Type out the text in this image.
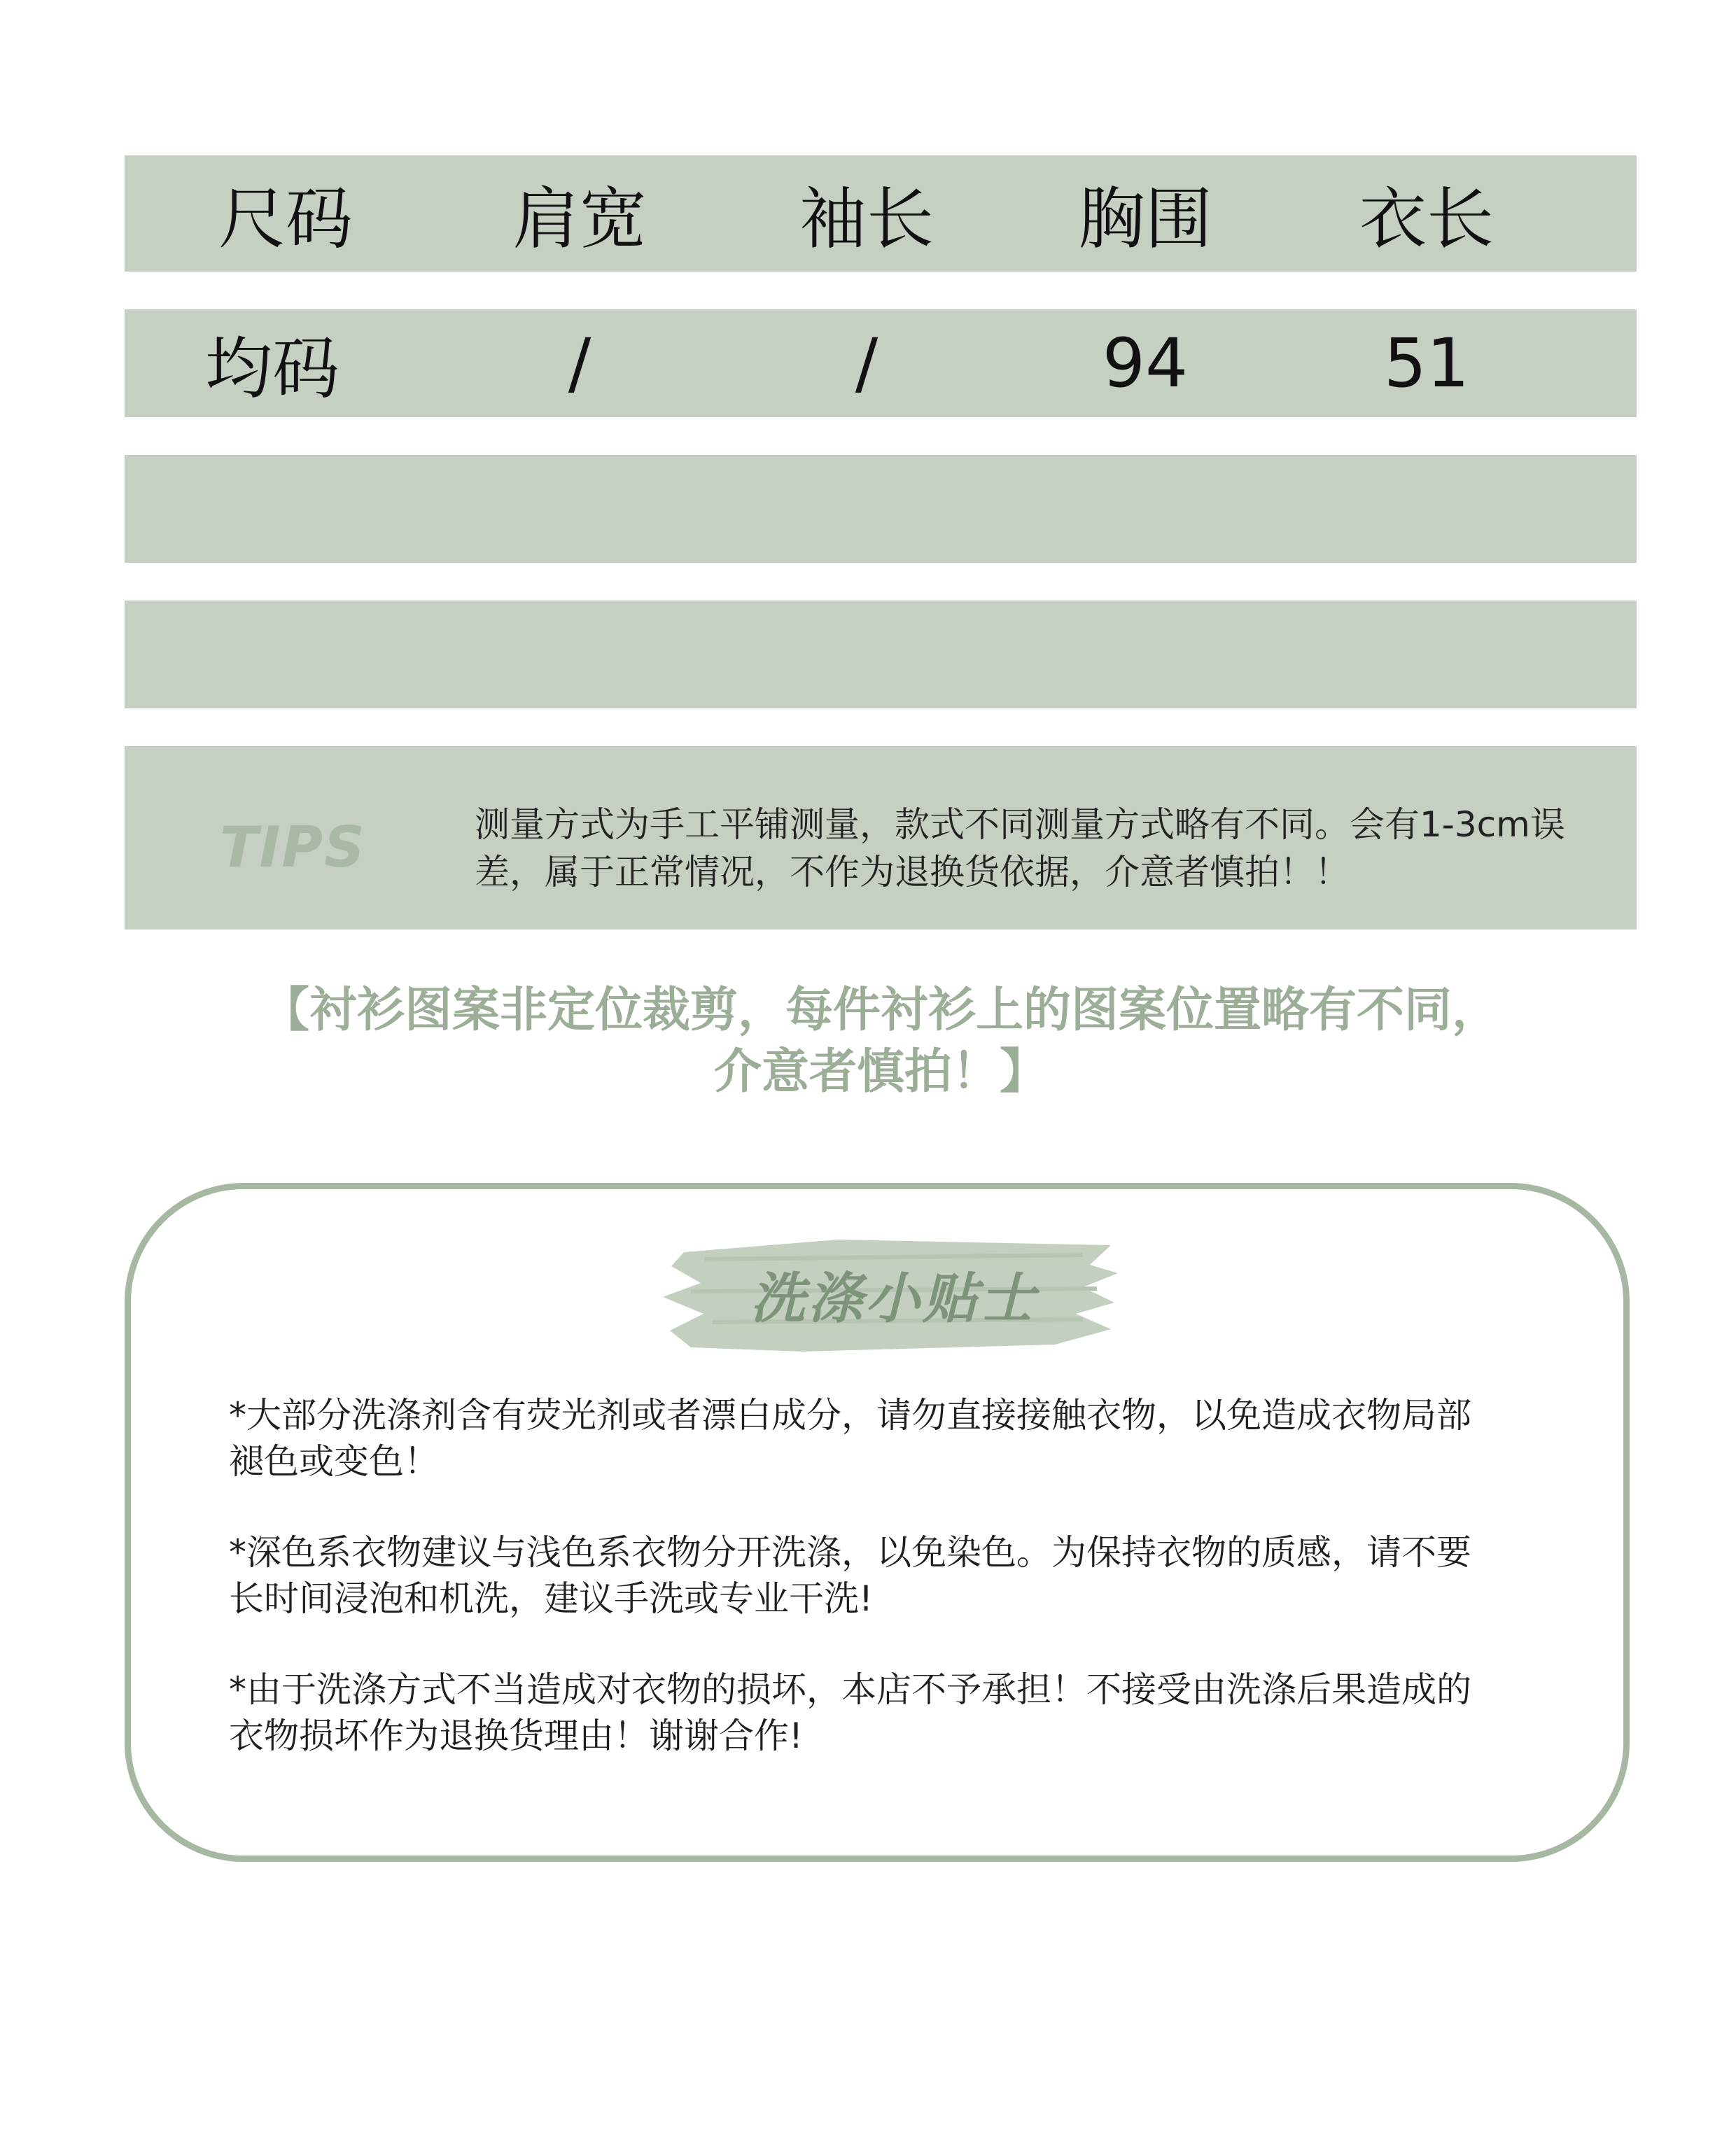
尺码	肩宽	袖长	胸围	衣长
均码	/	/	94	51
TIPS	测量方式为手工平铺测量，款式不同测量方式略有不同。会有1-3cm误差，属于正常情况，不作为退换货依据，介意者慎拍！！
【衬衫图案非定位裁剪，每件衬衫上的图案位置略有不同，
介意者慎拍！】
洗涤小贴士
*大部分洗涤剂含有荧光剂或者漂白成分，请勿直接接触衣物，以免造成衣物局部褪色或变色！
*深色系衣物建议与浅色系衣物分开洗涤，以免染色。为保持衣物的质感，请不要长时间浸泡和机洗，建议手洗或专业干洗!
*由于洗涤方式不当造成对衣物的损坏，本店不予承担！不接受由洗涤后果造成的衣物损坏作为退换货理由！谢谢合作!
